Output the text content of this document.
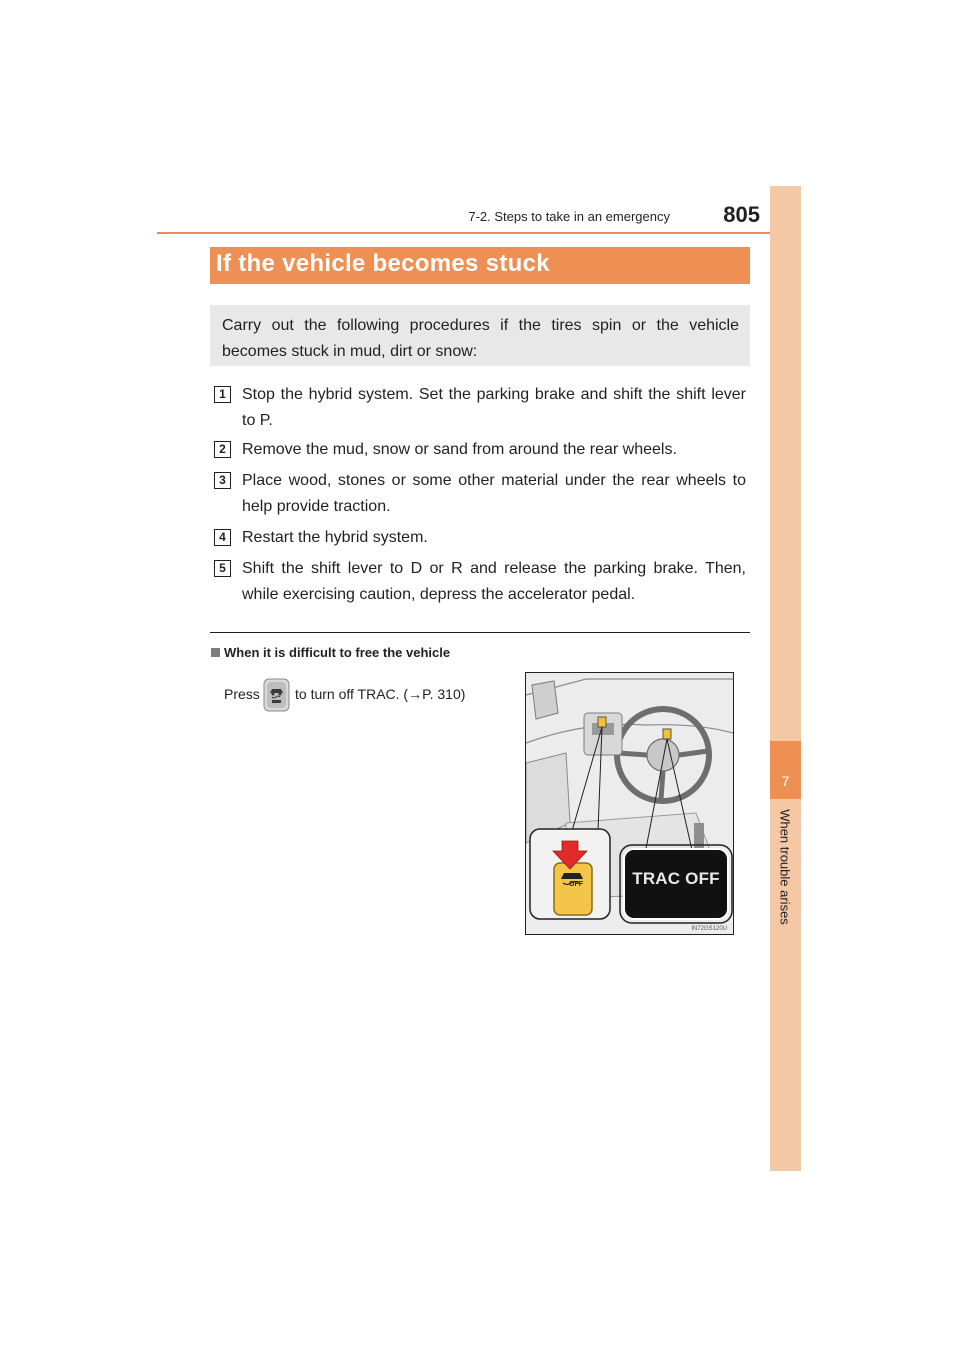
7-2. Steps to take in an emergency	805
7
When trouble arises
If the vehicle becomes stuck

Carry out the following procedures if the tires spin or the vehicle becomes stuck in mud, dirt or snow:

1	Stop the hybrid system. Set the parking brake and shift the shift lever to P.
2	Remove the mud, snow or sand from around the rear wheels.
3	Place wood, stones or some other material under the rear wheels to help provide traction.
4	Restart the hybrid system.
5	Shift the shift lever to D or R and release the parking brake. Then, while exercising caution, depress the accelerator pedal.
When it is difficult to free the vehicle
Press	to turn off TRAC. (→P. 310)
OFF	TRAC OFF
IN72GS120U
